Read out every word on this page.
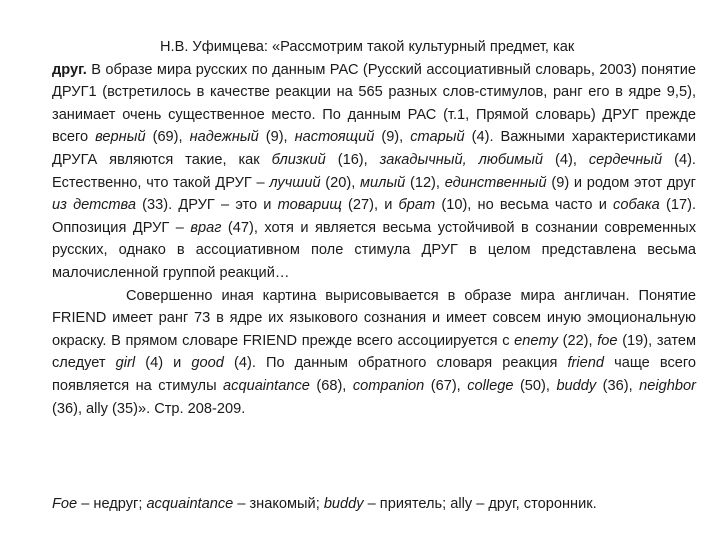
Н.В. Уфимцева: «Рассмотрим такой культурный предмет, как

друг. В образе мира русских по данным РАС (Русский ассоциативный словарь, 2003) понятие ДРУГ1 (встретилось в качестве реакции на 565 разных слов-стимулов, ранг его в ядре 9,5), занимает очень существенное место. По данным РАС (т.1, Прямой словарь) ДРУГ прежде всего верный (69), надежный (9), настоящий (9), старый (4). Важными характеристиками ДРУГА являются такие, как близкий (16), закадычный, любимый (4), сердечный (4). Естественно, что такой ДРУГ – лучший (20), милый (12), единственный (9) и родом этот друг из детства (33). ДРУГ – это и товарищ (27), и брат (10), но весьма часто и собака (17). Оппозиция ДРУГ – враг (47), хотя и является весьма устойчивой в сознании современных русских, однако в ассоциативном поле стимула ДРУГ в целом представлена весьма малочисленной группой реакций…

Совершенно иная картина вырисовывается в образе мира англичан. Понятие FRIEND имеет ранг 73 в ядре их языкового сознания и имеет совсем иную эмоциональную окраску. В прямом словаре FRIEND прежде всего ассоциируется с enemy (22), foe (19), затем следует girl (4) и good (4). По данным обратного словаря реакция friend чаще всего появляется на стимулы acquaintance (68), companion (67), college (50), buddy (36), neighbor (36), ally (35)». Стр. 208-209.

Foe – недруг; acquaintance – знакомый; buddy – приятель; ally – друг, сторонник.
